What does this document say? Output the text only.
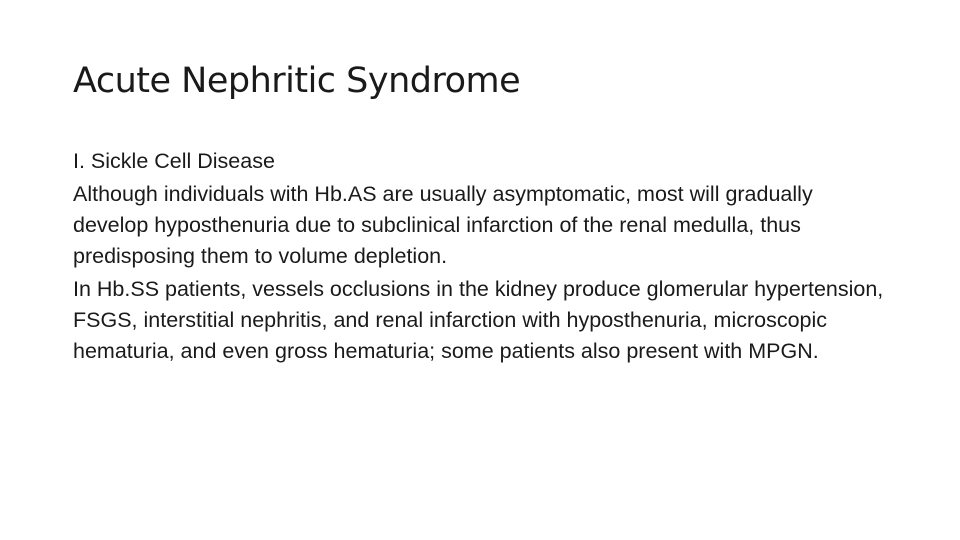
Acute Nephritic Syndrome

I. Sickle Cell Disease

Although individuals with Hb.AS are usually asymptomatic, most will gradually develop hyposthenuria due to subclinical infarction of the renal medulla, thus predisposing them to volume depletion.

In Hb.SS patients, vessels occlusions in the kidney produce glomerular hypertension, FSGS, interstitial nephritis, and renal infarction with hyposthenuria, microscopic hematuria, and even gross hematuria; some patients also present with MPGN.
